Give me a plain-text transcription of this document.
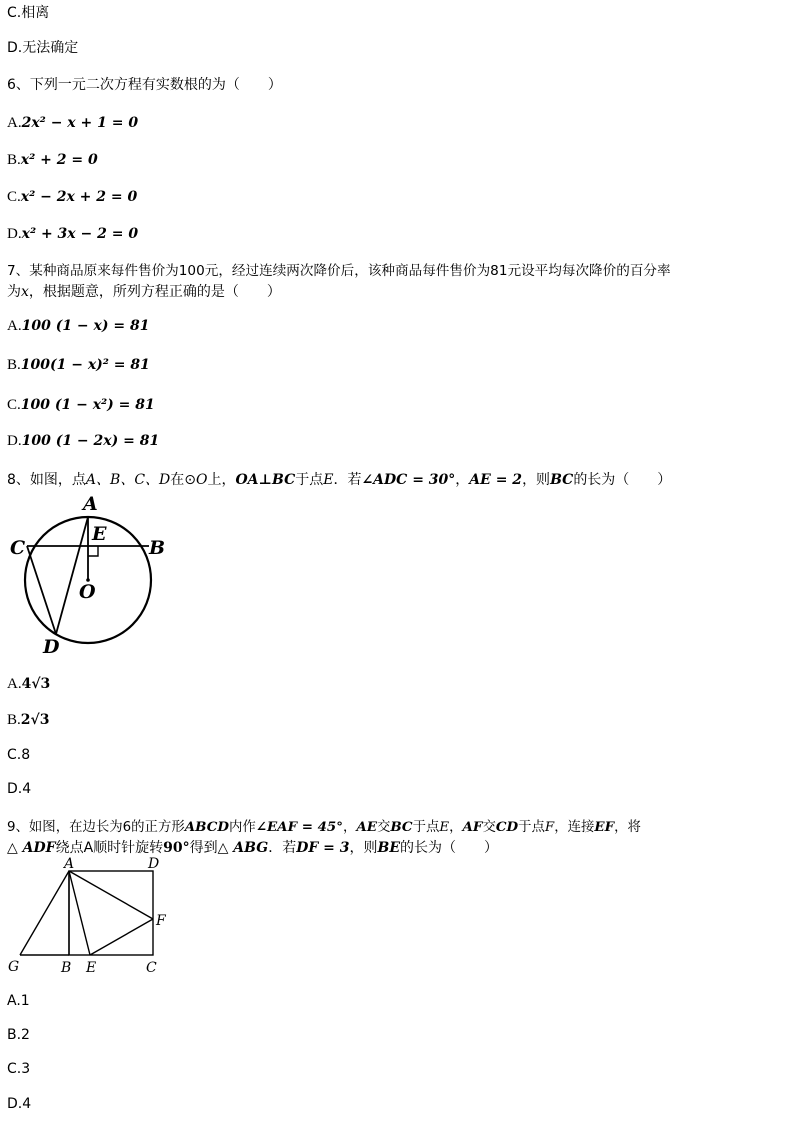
C.相离
D.无法确定
6、下列一元二次方程有实数根的为（　　）
A.2x² − x + 1 = 0
B.x² + 2 = 0
C.x² − 2x + 2 = 0
D.x² + 3x − 2 = 0
7、某种商品原来每件售价为100元，经过连续两次降价后，该种商品每件售价为81元设平均每次降价的百分率
为x，根据题意，所列方程正确的是（　　）
A.100 (1 − x) = 81
B.100(1 − x)² = 81
C.100 (1 − x²) = 81
D.100 (1 − 2x) = 81
8、如图，点A、B、C、D在⊙O上，OA⊥BC于点E．若∠ADC = 30°，AE = 2，则BC的长为（　　）
A
E
C	B
O
D
A.4√3
B.2√3
C.8
D.4
9、如图，在边长为6的正方形ABCD内作∠EAF = 45°，AE交BC于点E，AF交CD于点F，连接EF，将
△ ADF绕点A顺时针旋转90°得到△ ABG．若DF = 3，则BE的长为（　　）
A	D
F
G	B E	C
A.1
B.2
C.3
D.4
